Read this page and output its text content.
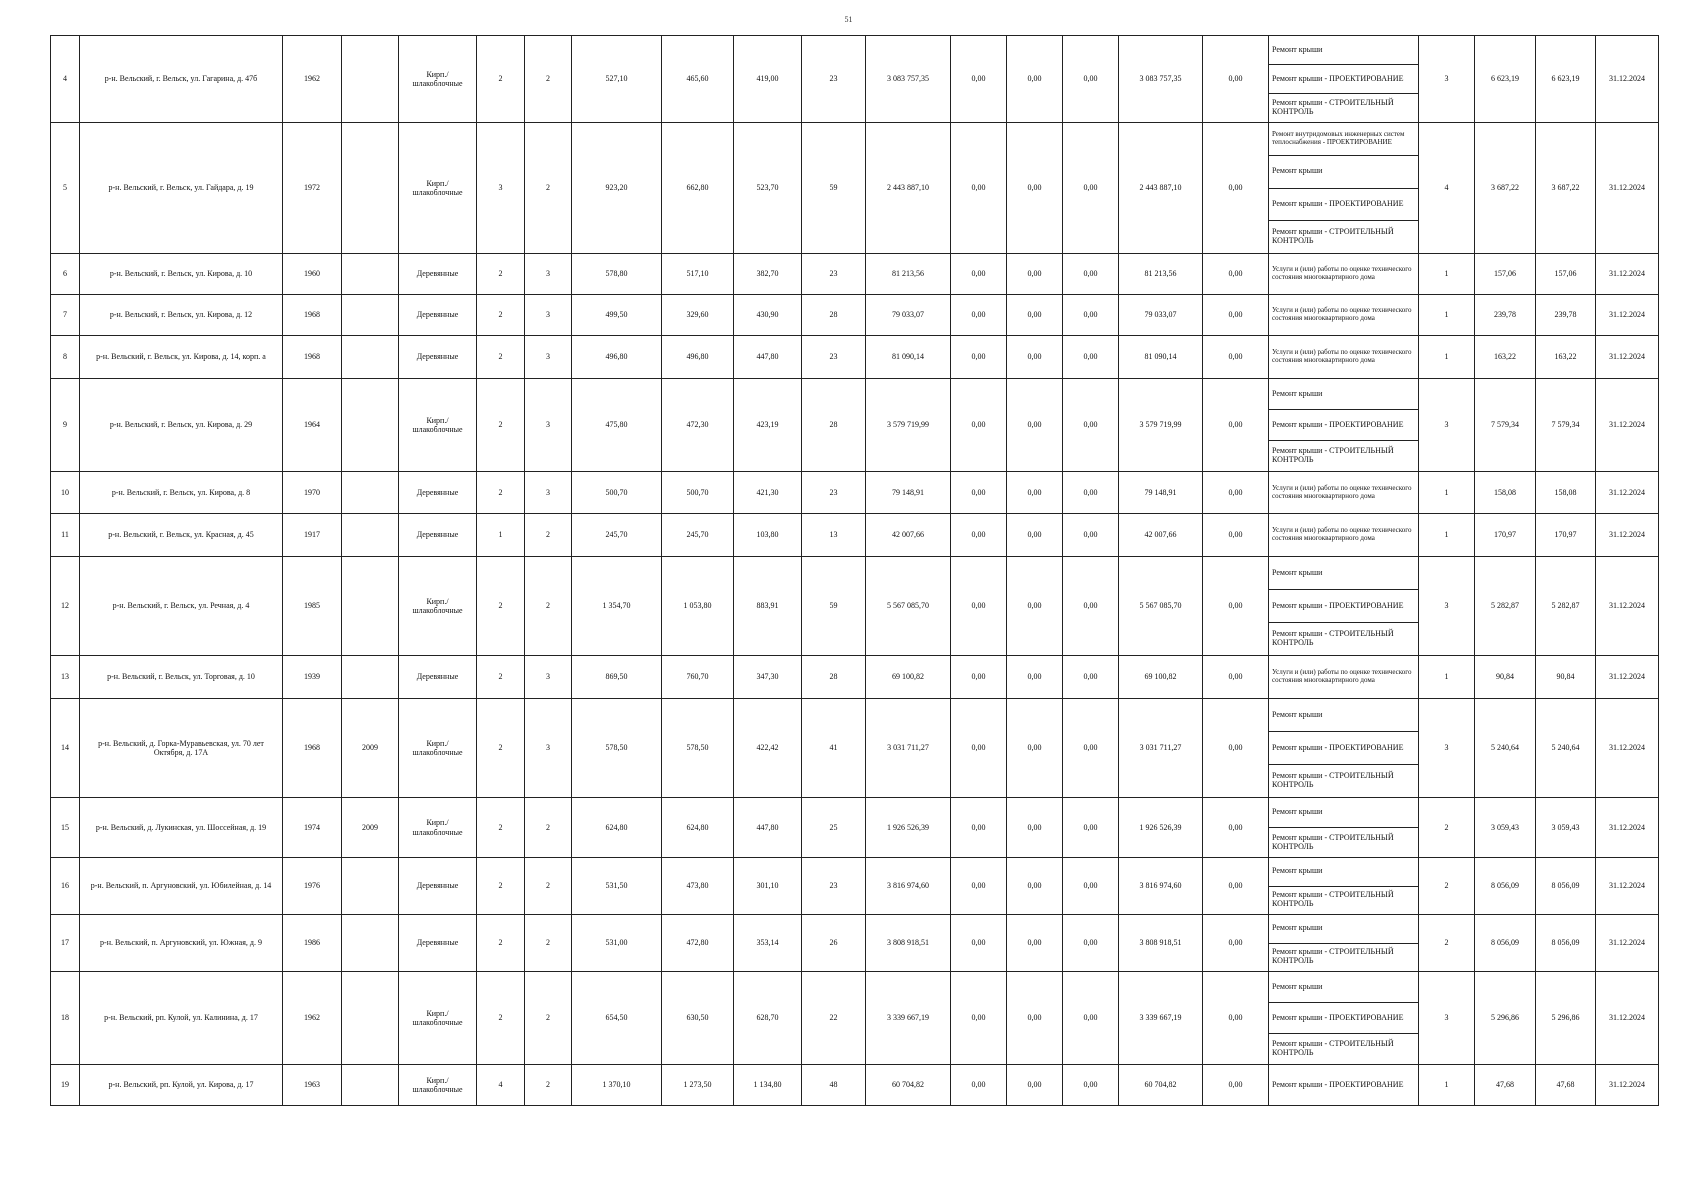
51
4	р-н. Вельский, г. Вельск, ул. Гагарина, д. 47б	1962		Кирп./ шлакоблочные	2	2	527,10	465,60	419,00	23	3 083 757,35	0,00	0,00	0,00	3 083 757,35	0,00	Ремонт крыши
Ремонт крыши - ПРОЕКТИРОВАНИЕ
Ремонт крыши - СТРОИТЕЛЬНЫЙ КОНТРОЛЬ	3	6 623,19	6 623,19	31.12.2024
5	р-н. Вельский, г. Вельск, ул. Гайдара, д. 19	1972		Кирп./ шлакоблочные	3	2	923,20	662,80	523,70	59	2 443 887,10	0,00	0,00	0,00	2 443 887,10	0,00	Ремонт внутридомовых инженерных систем теплоснабжения - ПРОЕКТИРОВАНИЕ
Ремонт крыши
Ремонт крыши - ПРОЕКТИРОВАНИЕ
Ремонт крыши - СТРОИТЕЛЬНЫЙ КОНТРОЛЬ	4	3 687,22	3 687,22	31.12.2024
6	р-н. Вельский, г. Вельск, ул. Кирова, д. 10	1960		Деревянные	2	3	578,80	517,10	382,70	23	81 213,56	0,00	0,00	0,00	81 213,56	0,00	Услуги и (или) работы по оценке технического состояния многоквартирного дома	1	157,06	157,06	31.12.2024
7	р-н. Вельский, г. Вельск, ул. Кирова, д. 12	1968		Деревянные	2	3	499,50	329,60	430,90	28	79 033,07	0,00	0,00	0,00	79 033,07	0,00	Услуги и (или) работы по оценке технического состояния многоквартирного дома	1	239,78	239,78	31.12.2024
8	р-н. Вельский, г. Вельск, ул. Кирова, д. 14, корп. а	1968		Деревянные	2	3	496,80	496,80	447,80	23	81 090,14	0,00	0,00	0,00	81 090,14	0,00	Услуги и (или) работы по оценке технического состояния многоквартирного дома	1	163,22	163,22	31.12.2024
9	р-н. Вельский, г. Вельск, ул. Кирова, д. 29	1964		Кирп./ шлакоблочные	2	3	475,80	472,30	423,19	28	3 579 719,99	0,00	0,00	0,00	3 579 719,99	0,00	Ремонт крыши
Ремонт крыши - ПРОЕКТИРОВАНИЕ
Ремонт крыши - СТРОИТЕЛЬНЫЙ КОНТРОЛЬ	3	7 579,34	7 579,34	31.12.2024
10	р-н. Вельский, г. Вельск, ул. Кирова, д. 8	1970		Деревянные	2	3	500,70	500,70	421,30	23	79 148,91	0,00	0,00	0,00	79 148,91	0,00	Услуги и (или) работы по оценке технического состояния многоквартирного дома	1	158,08	158,08	31.12.2024
11	р-н. Вельский, г. Вельск, ул. Красная, д. 45	1917		Деревянные	1	2	245,70	245,70	103,80	13	42 007,66	0,00	0,00	0,00	42 007,66	0,00	Услуги и (или) работы по оценке технического состояния многоквартирного дома	1	170,97	170,97	31.12.2024
12	р-н. Вельский, г. Вельск, ул. Речная, д. 4	1985		Кирп./ шлакоблочные	2	2	1 354,70	1 053,80	883,91	59	5 567 085,70	0,00	0,00	0,00	5 567 085,70	0,00	Ремонт крыши
Ремонт крыши - ПРОЕКТИРОВАНИЕ
Ремонт крыши - СТРОИТЕЛЬНЫЙ КОНТРОЛЬ	3	5 282,87	5 282,87	31.12.2024
13	р-н. Вельский, г. Вельск, ул. Торговая, д. 10	1939		Деревянные	2	3	869,50	760,70	347,30	28	69 100,82	0,00	0,00	0,00	69 100,82	0,00	Услуги и (или) работы по оценке технического состояния многоквартирного дома	1	90,84	90,84	31.12.2024
14	р-н. Вельский, д. Горка-Муравьевская, ул. 70 лет Октября, д. 17А	1968	2009	Кирп./ шлакоблочные	2	3	578,50	578,50	422,42	41	3 031 711,27	0,00	0,00	0,00	3 031 711,27	0,00	Ремонт крыши
Ремонт крыши - ПРОЕКТИРОВАНИЕ
Ремонт крыши - СТРОИТЕЛЬНЫЙ КОНТРОЛЬ	3	5 240,64	5 240,64	31.12.2024
15	р-н. Вельский, д. Лукинская, ул. Шоссейная, д. 19	1974	2009	Кирп./ шлакоблочные	2	2	624,80	624,80	447,80	25	1 926 526,39	0,00	0,00	0,00	1 926 526,39	0,00	Ремонт крыши
Ремонт крыши - СТРОИТЕЛЬНЫЙ КОНТРОЛЬ	2	3 059,43	3 059,43	31.12.2024
16	р-н. Вельский, п. Аргуновский, ул. Юбилейная, д. 14	1976		Деревянные	2	2	531,50	473,80	301,10	23	3 816 974,60	0,00	0,00	0,00	3 816 974,60	0,00	Ремонт крыши
Ремонт крыши - СТРОИТЕЛЬНЫЙ КОНТРОЛЬ	2	8 056,09	8 056,09	31.12.2024
17	р-н. Вельский, п. Аргуновский, ул. Южная, д. 9	1986		Деревянные	2	2	531,00	472,80	353,14	26	3 808 918,51	0,00	0,00	0,00	3 808 918,51	0,00	Ремонт крыши
Ремонт крыши - СТРОИТЕЛЬНЫЙ КОНТРОЛЬ	2	8 056,09	8 056,09	31.12.2024
18	р-н. Вельский, рп. Кулой, ул. Калинина, д. 17	1962		Кирп./ шлакоблочные	2	2	654,50	630,50	628,70	22	3 339 667,19	0,00	0,00	0,00	3 339 667,19	0,00	Ремонт крыши
Ремонт крыши - ПРОЕКТИРОВАНИЕ
Ремонт крыши - СТРОИТЕЛЬНЫЙ КОНТРОЛЬ	3	5 296,86	5 296,86	31.12.2024
19	р-н. Вельский, рп. Кулой, ул. Кирова, д. 17	1963		Кирп./ шлакоблочные	4	2	1 370,10	1 273,50	1 134,80	48	60 704,82	0,00	0,00	0,00	60 704,82	0,00	Ремонт крыши - ПРОЕКТИРОВАНИЕ	1	47,68	47,68	31.12.2024
